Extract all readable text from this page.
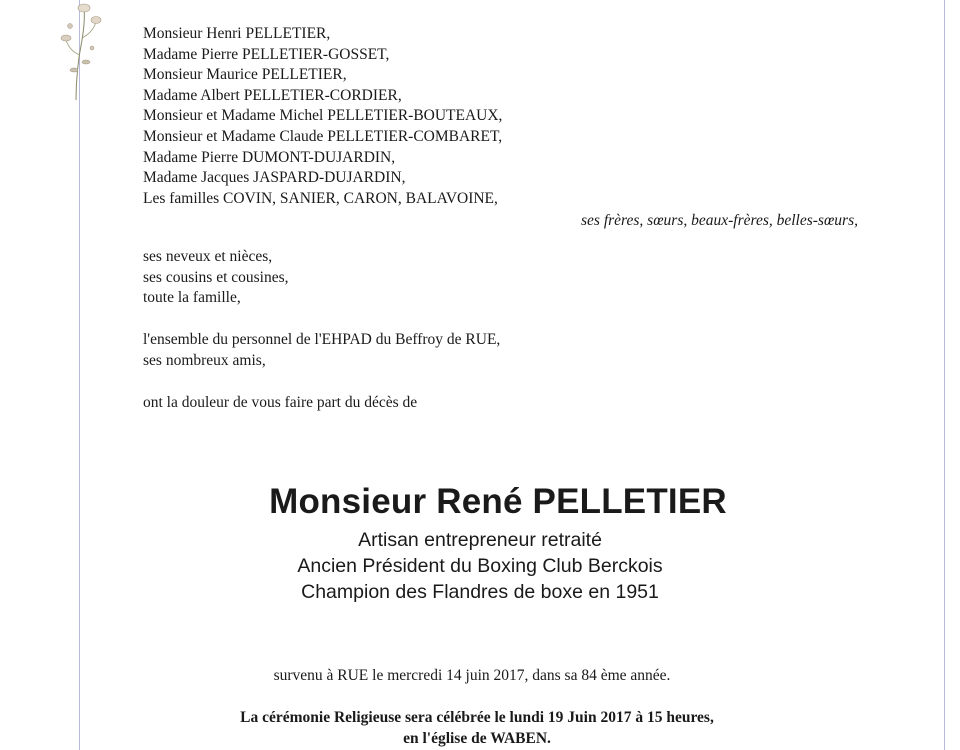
Monsieur Henri PELLETIER,
Madame Pierre PELLETIER-GOSSET,
Monsieur Maurice PELLETIER,
Madame Albert PELLETIER-CORDIER,
Monsieur et Madame Michel PELLETIER-BOUTEAUX,
Monsieur et Madame Claude PELLETIER-COMBARET,
Madame Pierre DUMONT-DUJARDIN,
Madame Jacques JASPARD-DUJARDIN,
Les familles COVIN, SANIER, CARON, BALAVOINE,
ses frères, sœurs, beaux-frères, belles-sœurs,
ses neveux et nièces,
ses cousins et cousines,
toute la famille,
l'ensemble du personnel de l'EHPAD du Beffroy de RUE,
ses nombreux amis,
ont la douleur de vous faire part du décès de
Monsieur René PELLETIER
Artisan entrepreneur retraité
Ancien Président du Boxing Club Berckois
Champion des Flandres de boxe en 1951
survenu à RUE le mercredi 14 juin 2017, dans sa 84 ème année.
La cérémonie Religieuse sera célébrée le lundi 19 Juin 2017 à 15 heures,
en l'église de WABEN.
